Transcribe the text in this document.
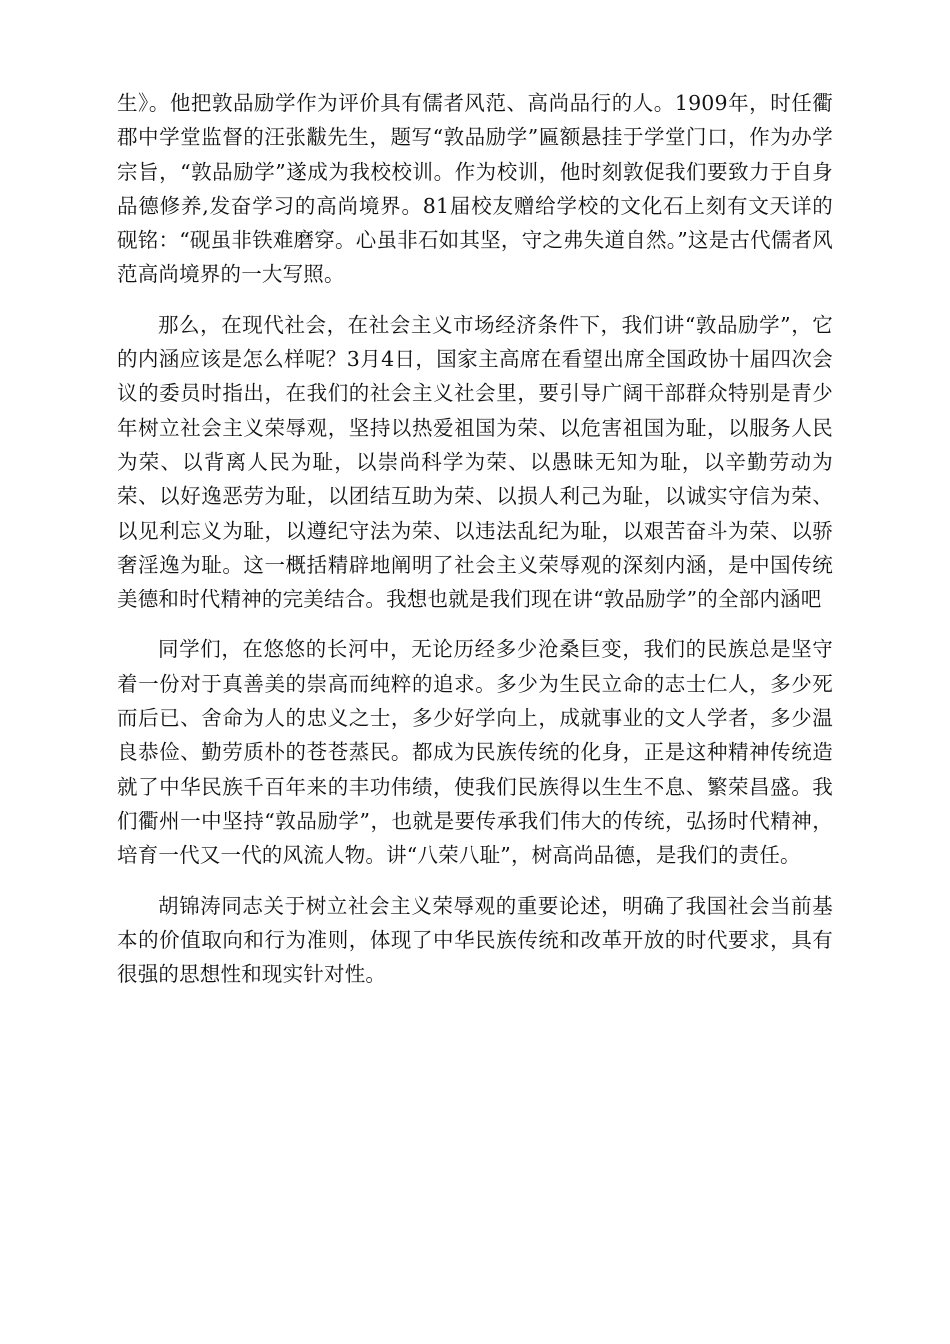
生》。他把敦品励学作为评价具有儒者风范、高尚品行的人。1909年，时任衢郡中学堂监督的汪张黻先生，题写“敦品励学”匾额悬挂于学堂门口，作为办学宗旨，“敦品励学”遂成为我校校训。作为校训，他时刻敦促我们要致力于自身品德修养,发奋学习的高尚境界。81届校友赠给学校的文化石上刻有文天详的砚铭：“砚虽非铁难磨穿。心虽非石如其坚，守之弗失道自然。”这是古代儒者风范高尚境界的一大写照。

那么，在现代社会，在社会主义市场经济条件下，我们讲“敦品励学”，它的内涵应该是怎么样呢？3月4日，国家主高席在看望出席全国政协十届四次会议的委员时指出，在我们的社会主义社会里，要引导广阔干部群众特别是青少年树立社会主义荣辱观，坚持以热爱祖国为荣、以危害祖国为耻，以服务人民为荣、以背离人民为耻，以崇尚科学为荣、以愚昧无知为耻，以辛勤劳动为荣、以好逸恶劳为耻，以团结互助为荣、以损人利己为耻，以诚实守信为荣、以见利忘义为耻，以遵纪守法为荣、以违法乱纪为耻，以艰苦奋斗为荣、以骄奢淫逸为耻。这一概括精辟地阐明了社会主义荣辱观的深刻内涵，是中国传统美德和时代精神的完美结合。我想也就是我们现在讲“敦品励学”的全部内涵吧

同学们，在悠悠的长河中，无论历经多少沧桑巨变，我们的民族总是坚守着一份对于真善美的崇高而纯粹的追求。多少为生民立命的志士仁人，多少死而后已、舍命为人的忠义之士，多少好学向上，成就事业的文人学者，多少温良恭俭、勤劳质朴的苍苍蒸民。都成为民族传统的化身，正是这种精神传统造就了中华民族千百年来的丰功伟绩，使我们民族得以生生不息、繁荣昌盛。我们衢州一中坚持“敦品励学”，也就是要传承我们伟大的传统，弘扬时代精神，培育一代又一代的风流人物。讲“八荣八耻”，树高尚品德，是我们的责任。

胡锦涛同志关于树立社会主义荣辱观的重要论述，明确了我国社会当前基本的价值取向和行为准则，体现了中华民族传统和改革开放的时代要求，具有很强的思想性和现实针对性。
